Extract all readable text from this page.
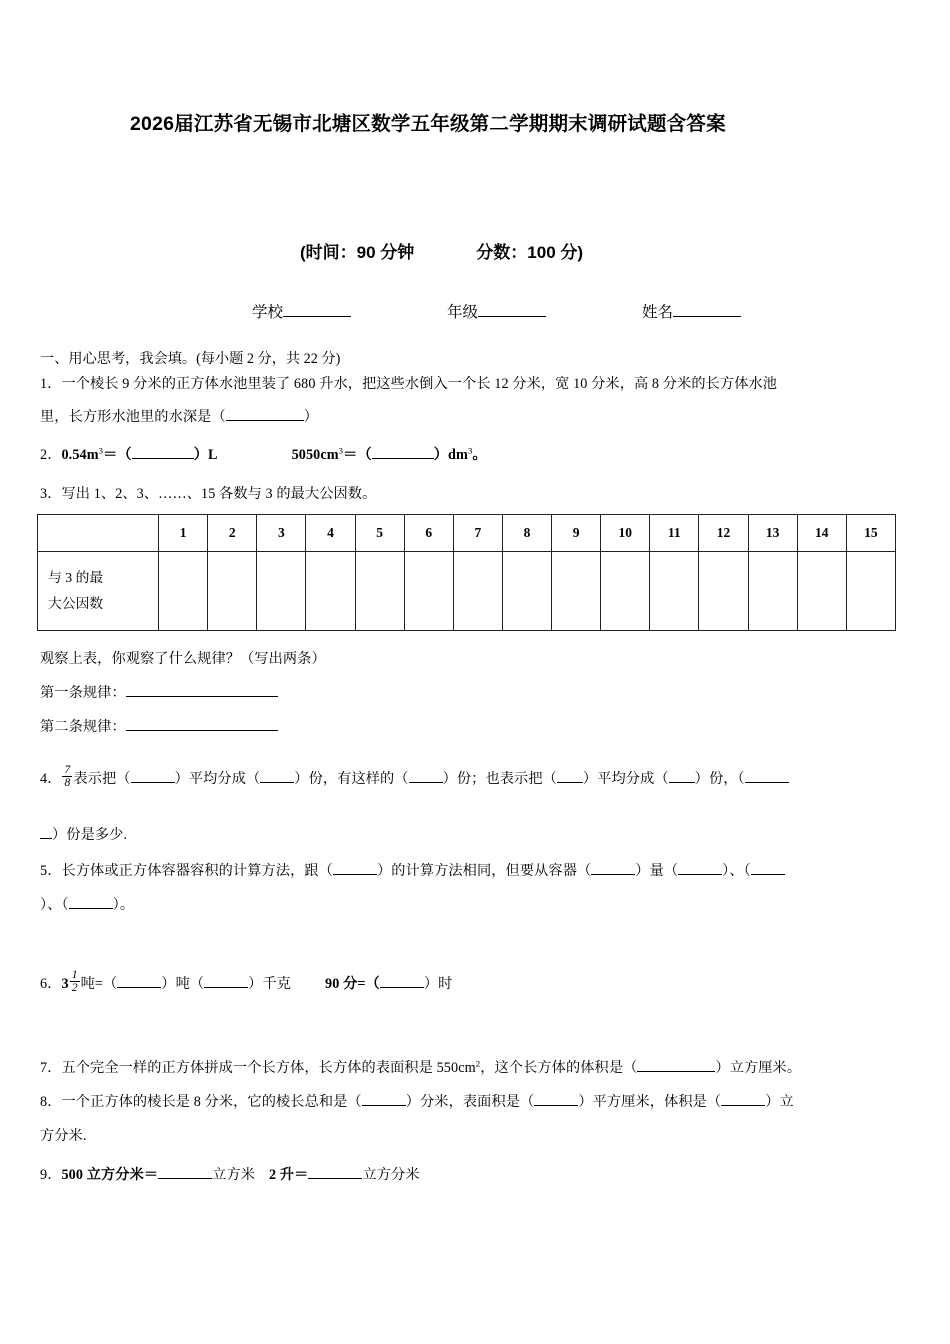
2026届江苏省无锡市北塘区数学五年级第二学期期末调研试题含答案
(时间：90 分钟	分数：100 分)
学校	年级	姓名
一、用心思考，我会填。(每小题 2 分，共 22 分)
1．一个棱长 9 分米的正方体水池里装了 680 升水，把这些水倒入一个长 12 分米，宽 10 分米，高 8 分米的长方体水池
里，长方形水池里的水深是（	）
2．$0.54m^3=$（	）L	$5050cm^3=$（	）$dm^3$。
3．写出 1、2、3、……、15 各数与 3 的最大公因数。
	1	2	3	4	5	6	7	8	9	10	11	12	13	14	15
与 3 的最
大公因数															
观察上表，你观察了什么规律？（写出两条）
第一条规律：
第二条规律：
4． $\frac{7}{8}$ 表示把（	）平均分成（ ）份，有这样的（ ）份；也表示把（ ）平均分成（ ）份，（
）份是多少.
5．长方体或正方体容器容积的计算方法，跟（	）的计算方法相同，但要从容器（	）量（	）、（
）、（	）。
6．$3 \frac{1}{2}$ 吨=（	）吨（	）千克 90 分=（	）时
7．五个完全一样的正方体拼成一个长方体，长方体的表面积是 $550cm^2$，这个长方体的体积是（	）立方厘米。
8．一个正方体的棱长是 8 分米，它的棱长总和是（	）分米，表面积是（	）平方厘米，体积是（	）立
方分米.
9．500 立方分米＝	立方米 2 升＝	立方分米
